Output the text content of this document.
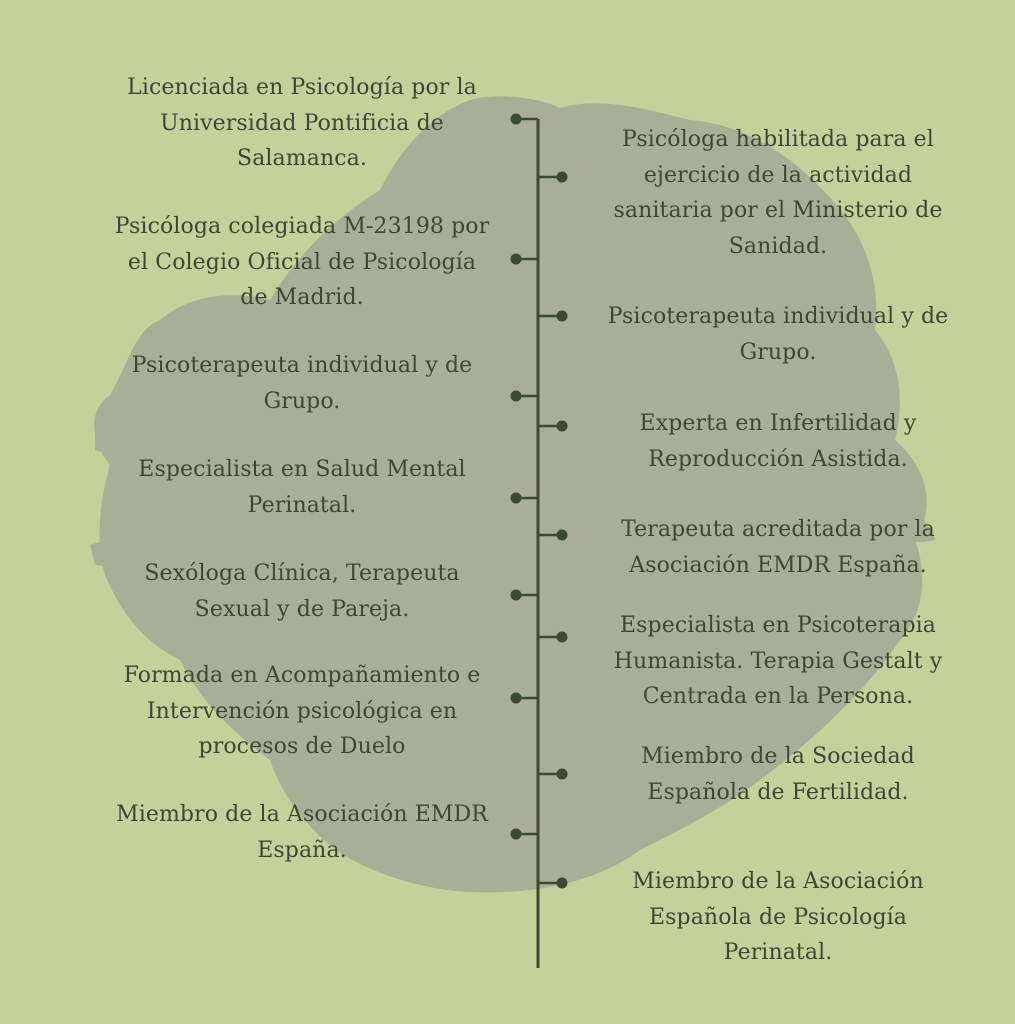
Licenciada en Psicología por la Universidad Pontificia de Salamanca.
Psicóloga colegiada M-23198 por el Colegio Oficial de Psicología de Madrid.
Psicoterapeuta individual y de Grupo.
Especialista en Salud Mental Perinatal.
Sexóloga Clínica, Terapeuta Sexual y de Pareja.
Formada en Acompañamiento e Intervención psicológica en procesos de Duelo
Miembro de la Asociación EMDR España.
Psicóloga habilitada para el ejercicio de la actividad sanitaria por el Ministerio de Sanidad.
Psicoterapeuta individual y de Grupo.
Experta en Infertilidad y Reproducción Asistida.
Terapeuta acreditada por la Asociación EMDR España.
Especialista en Psicoterapia Humanista. Terapia Gestalt y Centrada en la Persona.
Miembro de la Sociedad Española de Fertilidad.
Miembro de la Asociación Española de Psicología Perinatal.
